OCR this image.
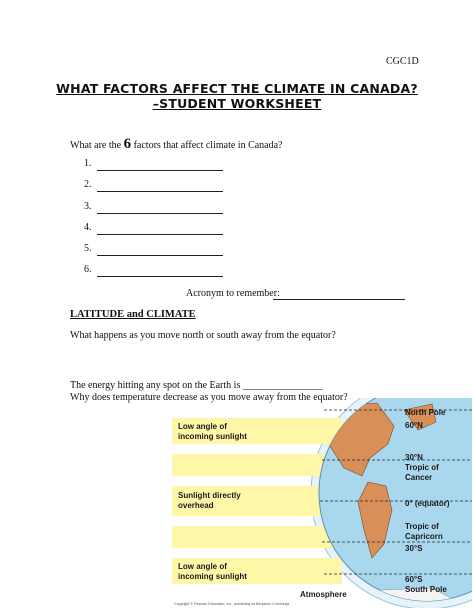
CGC1D
WHAT FACTORS AFFECT THE CLIMATE IN CANADA?
–STUDENT WORKSHEET
What are the 6 factors that affect climate in Canada?
1.
2.
3.
4.
5.
6.
Acronym to remember:
LATITUDE and CLIMATE
What happens as you move north or south away from the equator?
The energy hitting any spot on the Earth is ________________
Why does temperature decrease as you move away from the equator?
Low angle of
incoming sunlight
Sunlight directly
overhead
Low angle of
incoming sunlight
North Pole
60°N
30°N
Tropic of
Cancer
0° (equator)
Tropic of
Capricorn
30°S
60°S
South Pole
Atmosphere
Copyright © Pearson Education, Inc., publishing as Benjamin Cummings.
